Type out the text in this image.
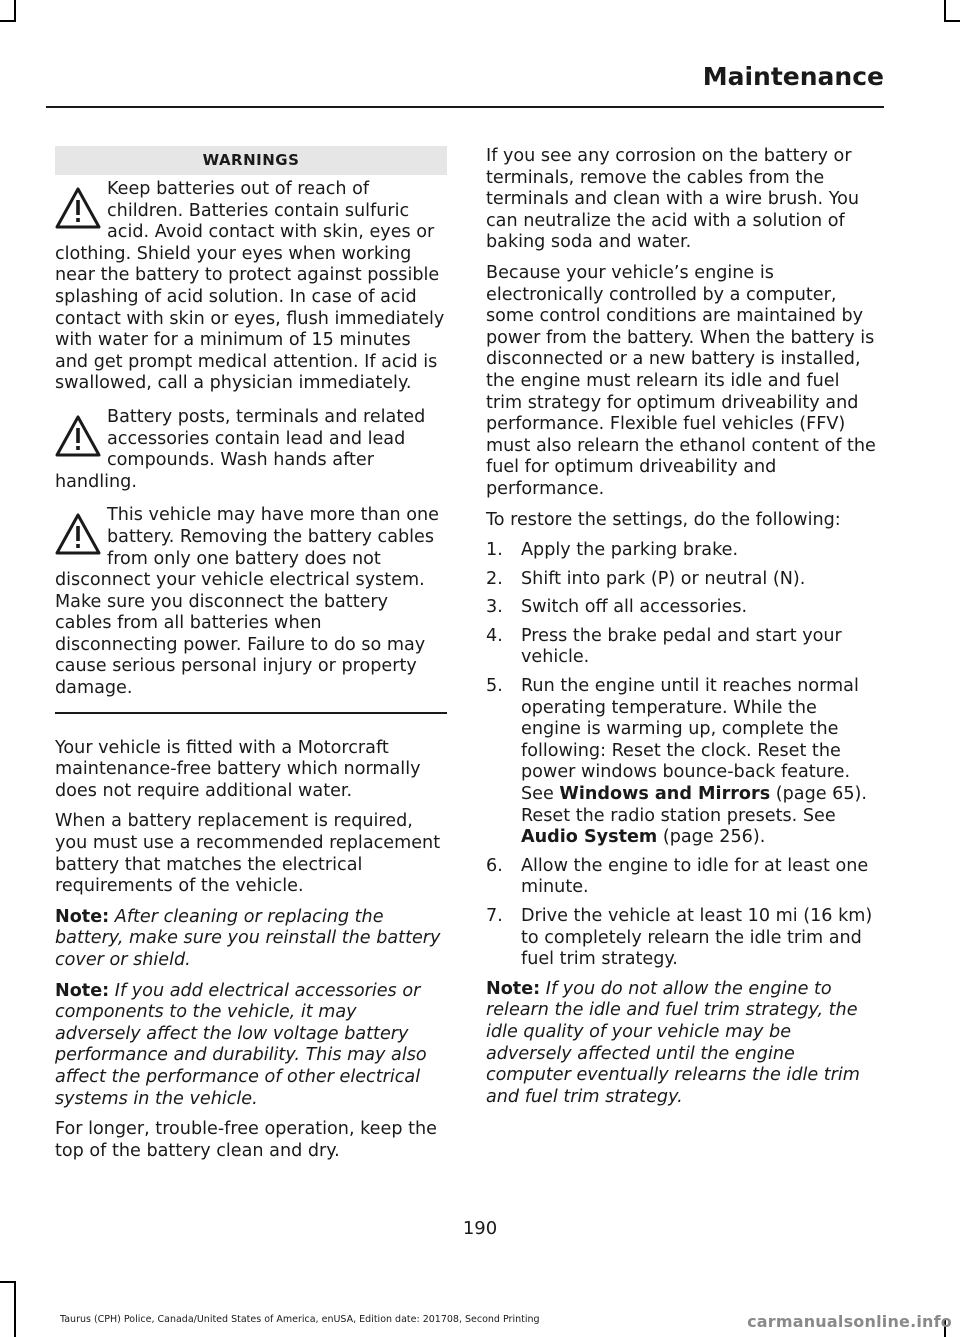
Maintenance
WARNINGS

Keep batteries out of reach of children. Batteries contain sulfuric acid. Avoid contact with skin, eyes or clothing. Shield your eyes when working near the battery to protect against possible splashing of acid solution. In case of acid contact with skin or eyes, flush immediately with water for a minimum of 15 minutes and get prompt medical attention. If acid is swallowed, call a physician immediately.

Battery posts, terminals and related accessories contain lead and lead compounds. Wash hands after handling.

This vehicle may have more than one battery. Removing the battery cables from only one battery does not disconnect your vehicle electrical system. Make sure you disconnect the battery cables from all batteries when disconnecting power. Failure to do so may cause serious personal injury or property damage.

Your vehicle is fitted with a Motorcraft maintenance-free battery which normally does not require additional water.

When a battery replacement is required, you must use a recommended replacement battery that matches the electrical requirements of the vehicle.

Note: After cleaning or replacing the battery, make sure you reinstall the battery cover or shield.

Note: If you add electrical accessories or components to the vehicle, it may adversely affect the low voltage battery performance and durability. This may also affect the performance of other electrical systems in the vehicle.

For longer, trouble-free operation, keep the top of the battery clean and dry.

If you see any corrosion on the battery or terminals, remove the cables from the terminals and clean with a wire brush. You can neutralize the acid with a solution of baking soda and water.

Because your vehicle’s engine is electronically controlled by a computer, some control conditions are maintained by power from the battery. When the battery is disconnected or a new battery is installed, the engine must relearn its idle and fuel trim strategy for optimum driveability and performance. Flexible fuel vehicles (FFV) must also relearn the ethanol content of the fuel for optimum driveability and performance.

To restore the settings, do the following:

1. Apply the parking brake.
2. Shift into park (P) or neutral (N).
3. Switch off all accessories.
4. Press the brake pedal and start your vehicle.
5. Run the engine until it reaches normal operating temperature. While the engine is warming up, complete the following: Reset the clock. Reset the power windows bounce-back feature. See Windows and Mirrors (page 65). Reset the radio station presets. See Audio System (page 256).
6. Allow the engine to idle for at least one minute.
7. Drive the vehicle at least 10 mi (16 km) to completely relearn the idle trim and fuel trim strategy.

Note: If you do not allow the engine to relearn the idle and fuel trim strategy, the idle quality of your vehicle may be adversely affected until the engine computer eventually relearns the idle trim and fuel trim strategy.

190
Taurus (CPH) Police, Canada/United States of America, enUSA, Edition date: 201708, Second Printing	carmanualsonline.info
